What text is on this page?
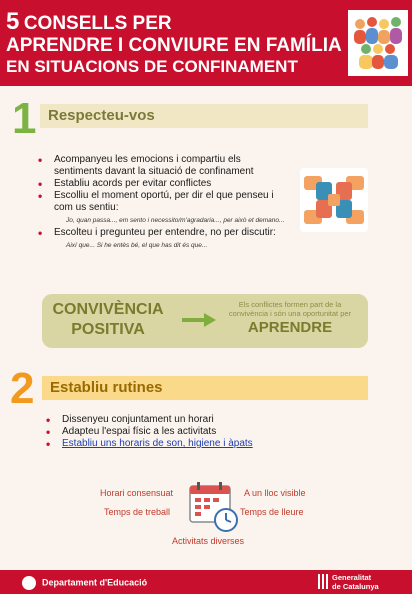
5 CONSELLS PER
APRENDRE I CONVIURE EN FAMÍLIA
EN SITUACIONS DE CONFINAMENT
1 Respecteu-vos
• Acompanyeu les emocions i compartiu els sentiments davant la situació de confinament
• Establiu acords per evitar conflictes
• Escolliu el moment oportú, per dir el que penseu i com us sentiu:
Jo, quan passa..., em sento i necessito/m'agradaria..., per això et demano...
• Escolteu i pregunteu per entendre, no per discutir:
Així que... Si he entès bé, el que has dit és que...
CONVIVÈNCIA
POSITIVA
Els conflictes formen part de la convivència i són una oportunitat per
APRENDRE
2	Establiu rutines
• Dissenyeu conjuntament un horari
• Adapteu l'espai físic a les activitats
• Establiu uns horaris de son, higiene i àpats
Horari consensuat
Temps de treball
A un lloc visible
Temps de lleure
Activitats diverses
Departament d'Educació
Generalitat
de Catalunya
